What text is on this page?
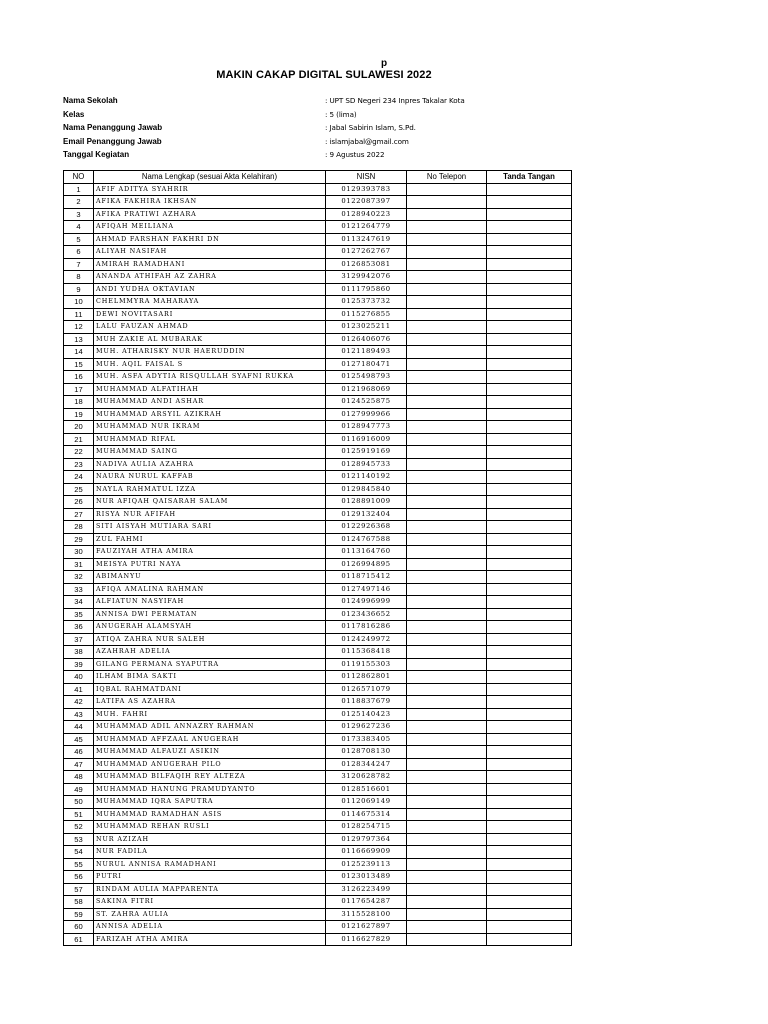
p
MAKIN CAKAP DIGITAL SULAWESI 2022
Nama Sekolah	: UPT SD Negeri 234 Inpres Takalar Kota
Kelas	: 5 (lima)
Nama Penanggung Jawab	: Jabal Sabirin Islam, S.Pd.
Email Penanggung Jawab	: islamjabal@gmail.com
Tanggal Kegiatan	: 9 Agustus 2022
NO	Nama Lengkap (sesuai Akta Kelahiran)	NISN	No Telepon	Tanda Tangan
1	AFIF ADITYA SYAHRIR	0129393783		
2	AFIKA FAKHIRA IKHSAN	0122087397		
3	AFIKA PRATIWI AZHARA	0128940223		
4	AFIQAH MEILIANA	0121264779		
5	AHMAD FARSHAN FAKHRI DN	0113247619		
6	ALIYAH NASIFAH	0127262767		
7	AMIRAH RAMADHANI	0126853081		
8	ANANDA ATHIFAH AZ ZAHRA	3129942076		
9	ANDI YUDHA OKTAVIAN	0111795860		
10	CHELMMYRA MAHARAYA	0125373732		
11	DEWI NOVITASARI	0115276855		
12	LALU FAUZAN AHMAD	0123025211		
13	MUH ZAKIE AL MUBARAK	0126406076		
14	MUH. ATHARISKY NUR HAERUDDIN	0121189493		
15	MUH. AQIL FAISAL S	0127180471		
16	MUH. ASFA ADYTIA RISQULLAH SYAFNI RUKKA	0125498793		
17	MUHAMMAD ALFATIHAH	0121968069		
18	MUHAMMAD ANDI ASHAR	0124525875		
19	MUHAMMAD ARSYIL AZIKRAH	0127999966		
20	MUHAMMAD NUR IKRAM	0128947773		
21	MUHAMMAD RIFAL	0116916009		
22	MUHAMMAD SAING	0125919169		
23	NADIVA AULIA AZAHRA	0128945733		
24	NAURA NURUL KAFFAB	0121140192		
25	NAYLA RAHMATUL IZZA	0129845840		
26	NUR AFIQAH QAISARAH SALAM	0128891009		
27	RISYA NUR AFIFAH	0129132404		
28	SITI AISYAH MUTIARA SARI	0122926368		
29	ZUL FAHMI	0124767588		
30	FAUZIYAH ATHA AMIRA	0113164760		
31	MEISYA PUTRI NAYA	0126994895		
32	ABIMANYU	0118715412		
33	AFIQA AMALINA RAHMAN	0127497146		
34	ALFIATUN NASYIFAH	0124996999		
35	ANNISA DWI PERMATAN	0123436652		
36	ANUGERAH ALAMSYAH	0117816286		
37	ATIQA ZAHRA NUR SALEH	0124249972		
38	AZAHRAH ADELIA	0115368418		
39	GILANG PERMANA SYAPUTRA	0119155303		
40	ILHAM BIMA SAKTI	0112862801		
41	IQBAL RAHMATDANI	0126571079		
42	LATIFA AS AZAHRA	0118837679		
43	MUH. FAHRI	0125140423		
44	MUHAMMAD ADIL ANNAZRY RAHMAN	0129627236		
45	MUHAMMAD AFFZAAL ANUGERAH	0173383405		
46	MUHAMMAD ALFAUZI ASIKIN	0128708130		
47	MUHAMMAD ANUGERAH PILO	0128344247		
48	MUHAMMAD BILFAQIH REY ALTEZA	3120628782		
49	MUHAMMAD HANUNG PRAMUDYANTO	0128516601		
50	MUHAMMAD IQRA SAPUTRA	0112069149		
51	MUHAMMAD RAMADHAN ASIS	0114675314		
52	MUHAMMAD REHAN RUSLI	0128254715		
53	NUR AZIZAH	0129797364		
54	NUR FADILA	0116669909		
55	NURUL ANNISA RAMADHANI	0125239113		
56	PUTRI	0123013489		
57	RINDAM AULIA MAPPARENTA	3126223499		
58	SAKINA FITRI	0117654287		
59	ST. ZAHRA AULIA	3115528100		
60	ANNISA ADELIA	0121627897		
61	FARIZAH ATHA AMIRA	0116627829		
